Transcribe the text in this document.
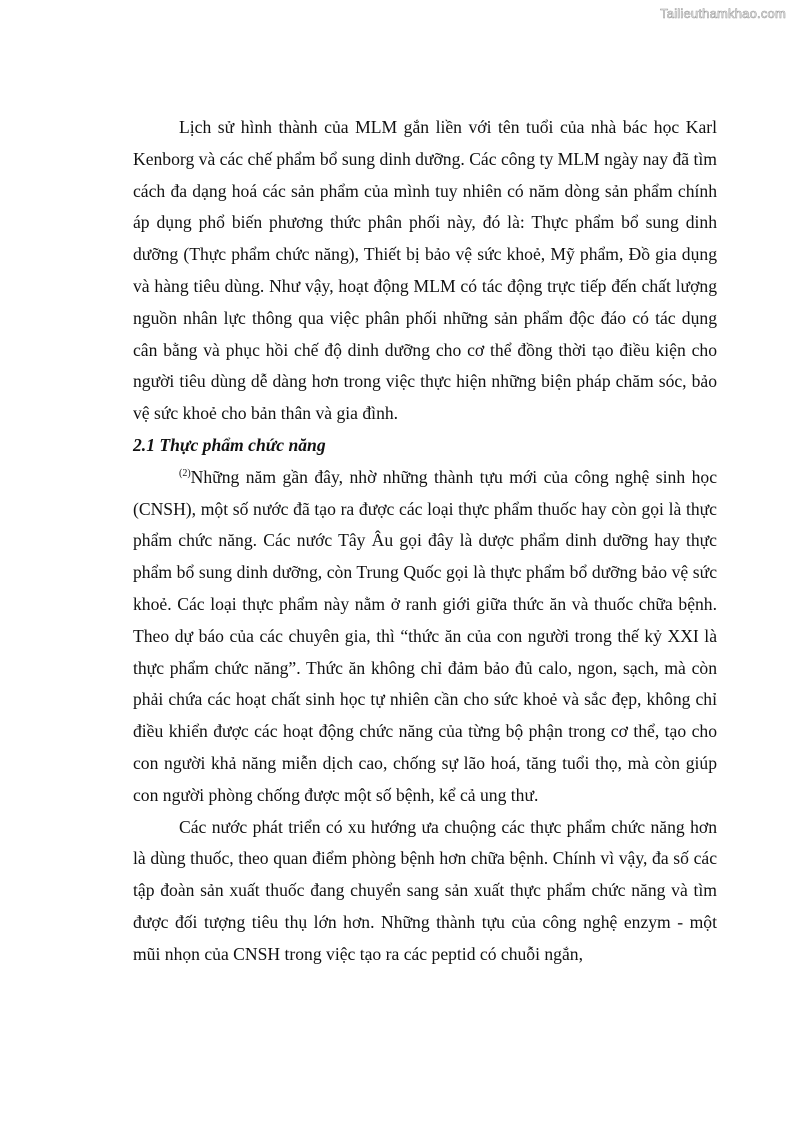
Tailieuthamkhao.com

Lịch sử hình thành của MLM gắn liền với tên tuổi của nhà bác học Karl Kenborg và các chế phẩm bổ sung dinh dưỡng. Các công ty MLM ngày nay đã tìm cách đa dạng hoá các sản phẩm của mình tuy nhiên có năm dòng sản phẩm chính áp dụng phổ biến phương thức phân phối này, đó là: Thực phẩm bổ sung dinh dưỡng (Thực phẩm chức năng), Thiết bị bảo vệ sức khoẻ, Mỹ phẩm, Đồ gia dụng và hàng tiêu dùng. Như vậy, hoạt động MLM có tác động trực tiếp đến chất lượng nguồn nhân lực thông qua việc phân phối những sản phẩm độc đáo có tác dụng cân bằng và phục hồi chế độ dinh dưỡng cho cơ thể đồng thời tạo điều kiện cho người tiêu dùng dễ dàng hơn trong việc thực hiện những biện pháp chăm sóc, bảo vệ sức khoẻ cho bản thân và gia đình.

2.1 Thực phẩm chức năng

$^{(2)}$Những năm gần đây, nhờ những thành tựu mới của công nghệ sinh học (CNSH), một số nước đã tạo ra được các loại thực phẩm thuốc hay còn gọi là thực phẩm chức năng. Các nước Tây Âu gọi đây là dược phẩm dinh dưỡng hay thực phẩm bổ sung dinh dưỡng, còn Trung Quốc gọi là thực phẩm bổ dưỡng bảo vệ sức khoẻ. Các loại thực phẩm này nằm ở ranh giới giữa thức ăn và thuốc chữa bệnh. Theo dự báo của các chuyên gia, thì “thức ăn của con người trong thế kỷ XXI là thực phẩm chức năng”. Thức ăn không chỉ đảm bảo đủ calo, ngon, sạch, mà còn phải chứa các hoạt chất sinh học tự nhiên cần cho sức khoẻ và sắc đẹp, không chỉ điều khiển được các hoạt động chức năng của từng bộ phận trong cơ thể, tạo cho con người khả năng miễn dịch cao, chống sự lão hoá, tăng tuổi thọ, mà còn giúp con người phòng chống được một số bệnh, kể cả ung thư.

Các nước phát triển có xu hướng ưa chuộng các thực phẩm chức năng hơn là dùng thuốc, theo quan điểm phòng bệnh hơn chữa bệnh. Chính vì vậy, đa số các tập đoàn sản xuất thuốc đang chuyển sang sản xuất thực phẩm chức năng và tìm được đối tượng tiêu thụ lớn hơn. Những thành tựu của công nghệ enzym - một mũi nhọn của CNSH trong việc tạo ra các peptid có chuỗi ngắn,
